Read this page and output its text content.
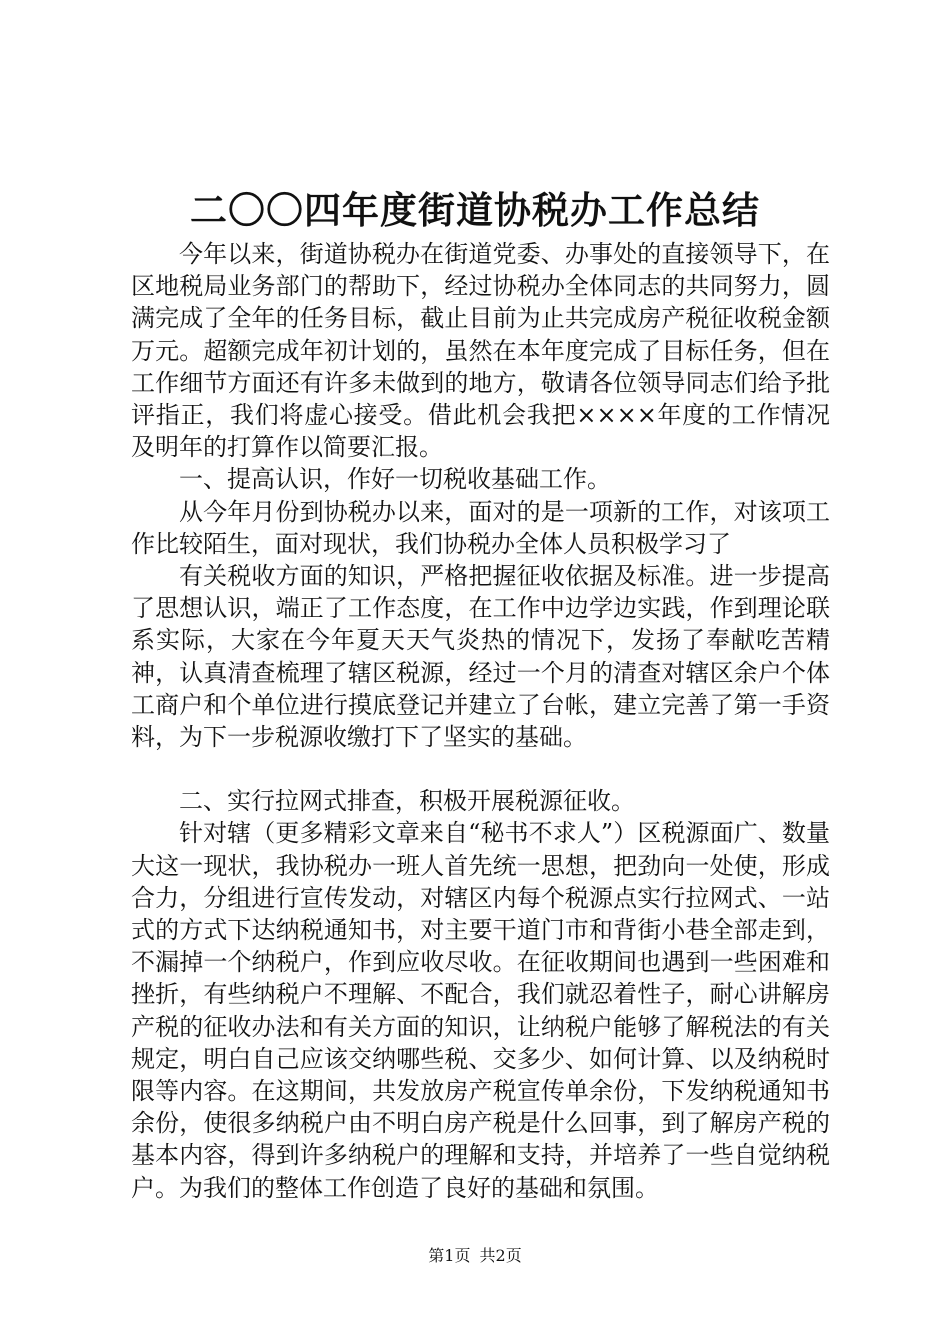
二〇〇四年度街道协税办工作总结

今年以来，街道协税办在街道党委、办事处的直接领导下，在区地税局业务部门的帮助下，经过协税办全体同志的共同努力，圆满完成了全年的任务目标，截止目前为止共完成房产税征收税金额万元。超额完成年初计划的，虽然在本年度完成了目标任务，但在工作细节方面还有许多未做到的地方，敬请各位领导同志们给予批评指正，我们将虚心接受。借此机会我把××××年度的工作情况及明年的打算作以简要汇报。

一、提高认识，作好一切税收基础工作。

从今年月份到协税办以来，面对的是一项新的工作，对该项工作比较陌生，面对现状，我们协税办全体人员积极学习了

有关税收方面的知识，严格把握征收依据及标准。进一步提高了思想认识，端正了工作态度，在工作中边学边实践，作到理论联系实际，大家在今年夏天天气炎热的情况下，发扬了奉献吃苦精神，认真清查梳理了辖区税源，经过一个月的清查对辖区余户个体工商户和个单位进行摸底登记并建立了台帐，建立完善了第一手资料，为下一步税源收缴打下了坚实的基础。

二、实行拉网式排查，积极开展税源征收。

针对辖（更多精彩文章来自“秘书不求人”）区税源面广、数量大这一现状，我协税办一班人首先统一思想，把劲向一处使，形成合力，分组进行宣传发动，对辖区内每个税源点实行拉网式、一站式的方式下达纳税通知书，对主要干道门市和背街小巷全部走到，不漏掉一个纳税户，作到应收尽收。在征收期间也遇到一些困难和挫折，有些纳税户不理解、不配合，我们就忍着性子，耐心讲解房产税的征收办法和有关方面的知识，让纳税户能够了解税法的有关规定，明白自己应该交纳哪些税、交多少、如何计算、以及纳税时限等内容。在这期间，共发放房产税宣传单余份，下发纳税通知书余份，使很多纳税户由不明白房产税是什么回事，到了解房产税的基本内容，得到许多纳税户的理解和支持，并培养了一些自觉纳税户。为我们的整体工作创造了良好的基础和氛围。

第1页 共2页
